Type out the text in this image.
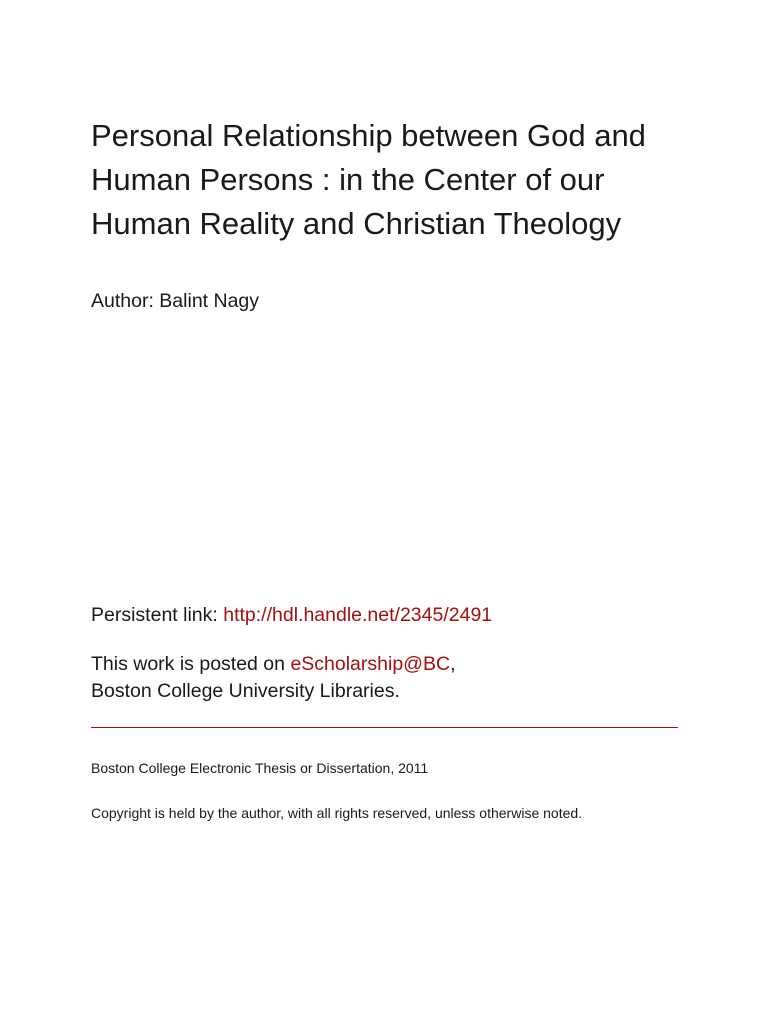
Personal Relationship between God and
Human Persons : in the Center of our
Human Reality and Christian Theology

Author: Balint Nagy

Persistent link: http://hdl.handle.net/2345/2491

This work is posted on eScholarship@BC,
Boston College University Libraries.

Boston College Electronic Thesis or Dissertation, 2011

Copyright is held by the author, with all rights reserved, unless otherwise noted.
